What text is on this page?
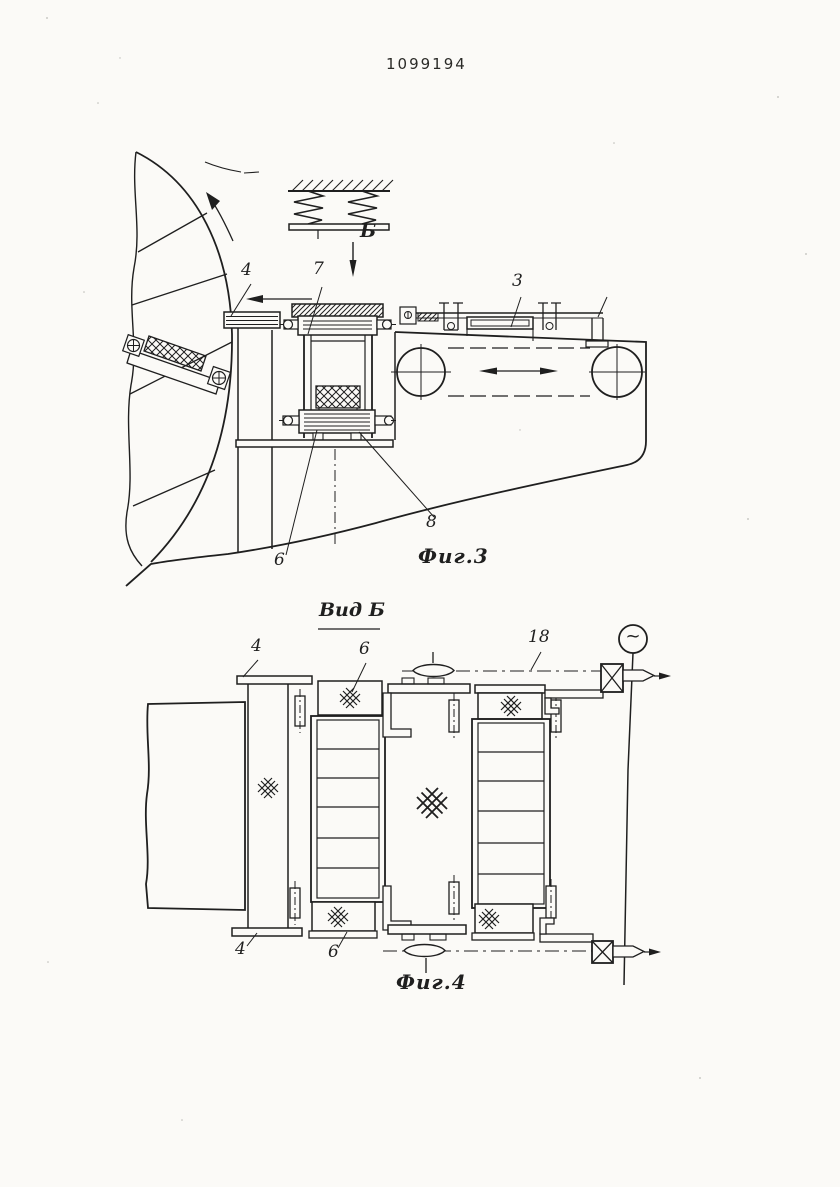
1099194
Б
4	7
3
8
6	Фиг.3
Вид Б
4	6
18
4	6
Фиг.4
~
